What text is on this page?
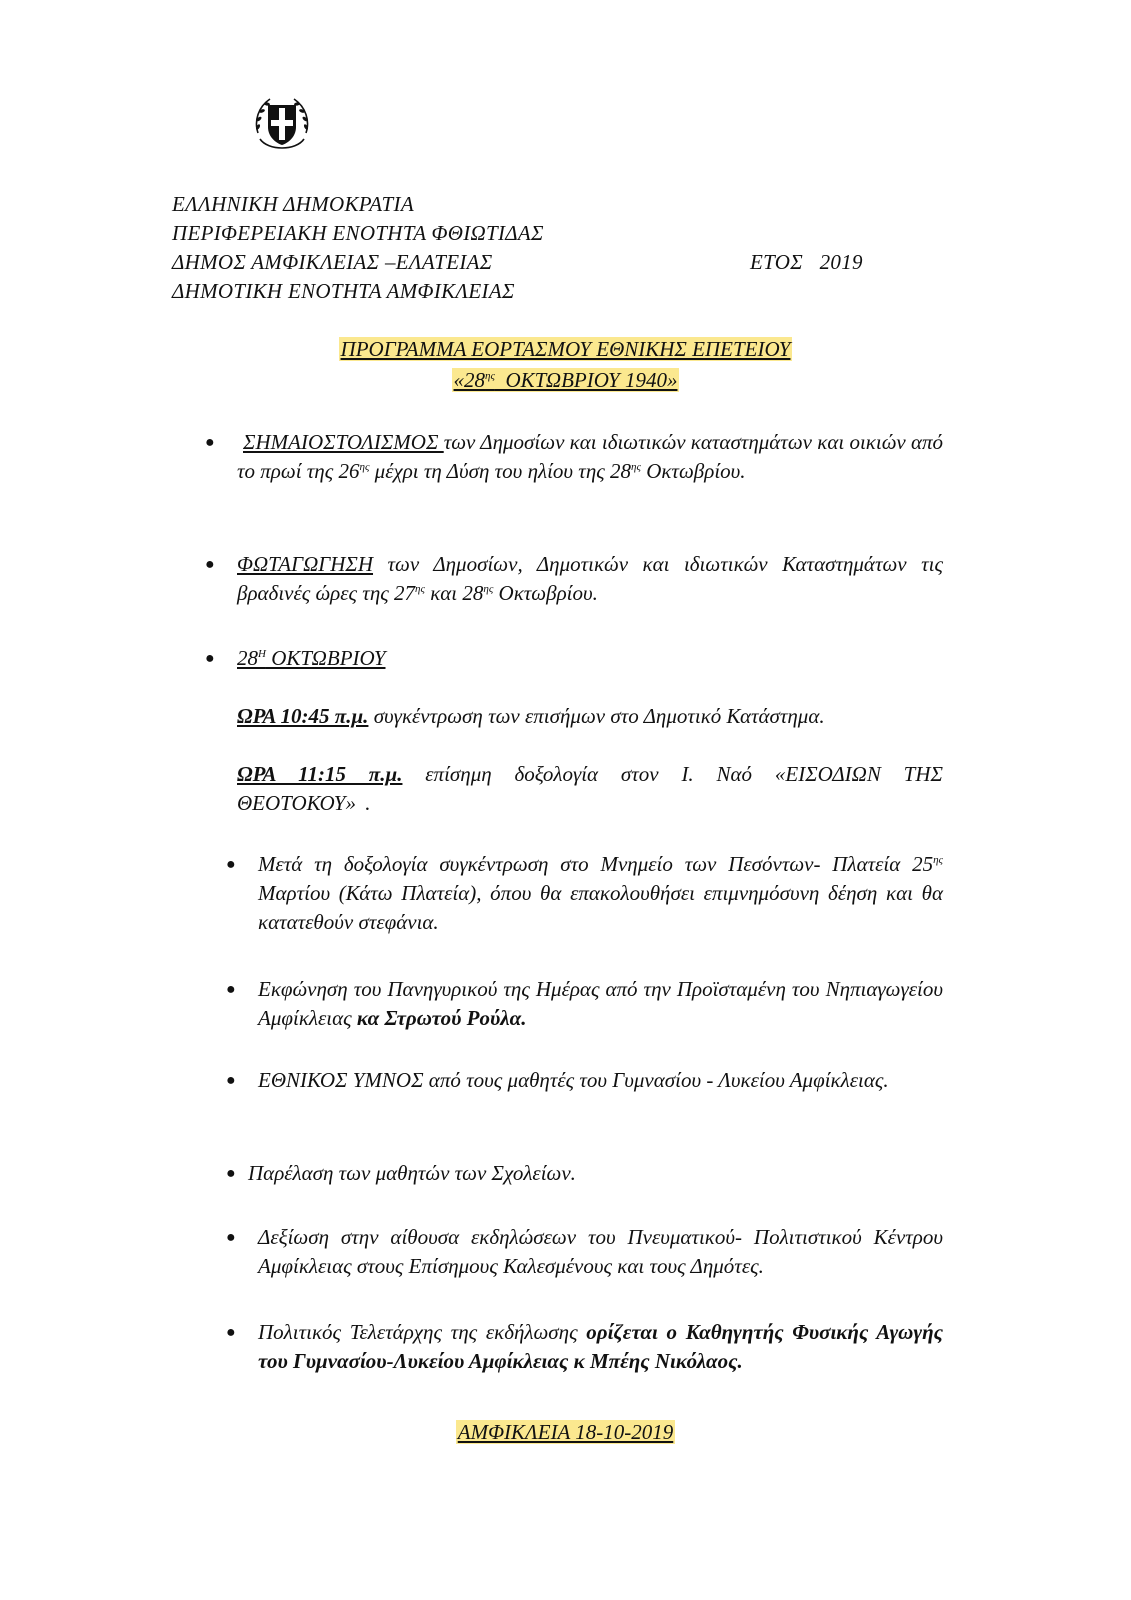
ΕΛΛΗΝΙΚΗ ΔΗΜΟΚΡΑΤΙΑ
ΠΕΡΙΦΕΡΕΙΑΚΗ ΕΝΟΤΗΤΑ ΦΘΙΩΤΙΔΑΣ
ΔΗΜΟΣ ΑΜΦΙΚΛΕΙΑΣ –ΕΛΑΤΕΙΑΣ
ΔΗΜΟΤΙΚΗ ΕΝΟΤΗΤΑ ΑΜΦΙΚΛΕΙΑΣ
ΕΤΟΣ   2019
ΠΡΟΓΡΑΜΜΑ ΕΟΡΤΑΣΜΟΥ ΕΘΝΙΚΗΣ ΕΠΕΤΕΙΟΥ
«$28^{\eta\varsigma}$  ΟΚΤΩΒΡΙΟΥ 1940»
● ΣΗΜΑΙΟΣΤΟΛΙΣΜΟΣ των Δημοσίων και ιδιωτικών καταστημάτων και οικιών από το πρωί της $26^{\eta\varsigma}$ μέχρι τη Δύση του ηλίου της $28^{\eta\varsigma}$ Οκτωβρίου.
● ΦΩΤΑΓΩΓΗΣΗ των Δημοσίων, Δημοτικών και ιδιωτικών Καταστημάτων τις βραδινές ώρες της $27^{\eta\varsigma}$ και $28^{\eta\varsigma}$ Οκτωβρίου.
● $28^H$ ΟΚΤΩΒΡΙΟΥ
ΩΡΑ 10:45 π.μ. συγκέντρωση των επισήμων στο Δημοτικό Κατάστημα.
ΩΡΑ 11:15 π.μ. επίσημη δοξολογία στον Ι. Ναό «ΕΙΣΟΔΙΩΝ ΤΗΣ ΘΕΟΤΟΚΟΥ» .
● Μετά τη δοξολογία συγκέντρωση στο Μνημείο των Πεσόντων- Πλατεία $25^{\eta\varsigma}$ Μαρτίου (Κάτω Πλατεία), όπου θα επακολουθήσει επιμνημόσυνη δέηση και θα κατατεθούν στεφάνια.
● Εκφώνηση του Πανηγυρικού της Ημέρας από την Προϊσταμένη του Νηπιαγωγείου Αμφίκλειας κα Στρωτού Ρούλα.
●	ΕΘΝΙΚΟΣ ΥΜΝΟΣ από τους μαθητές του Γυμνασίου - Λυκείου Αμφίκλειας.
● Παρέλαση των μαθητών των Σχολείων.
● Δεξίωση στην αίθουσα εκδηλώσεων του Πνευματικού- Πολιτιστικού Κέντρου Αμφίκλειας στους Επίσημους Καλεσμένους και τους Δημότες.
● Πολιτικός Τελετάρχης της εκδήλωσης ορίζεται ο Καθηγητής Φυσικής Αγωγής του Γυμνασίου-Λυκείου Αμφίκλειας κ Μπέης Νικόλαος.
ΑΜΦΙΚΛΕΙΑ 18-10-2019
